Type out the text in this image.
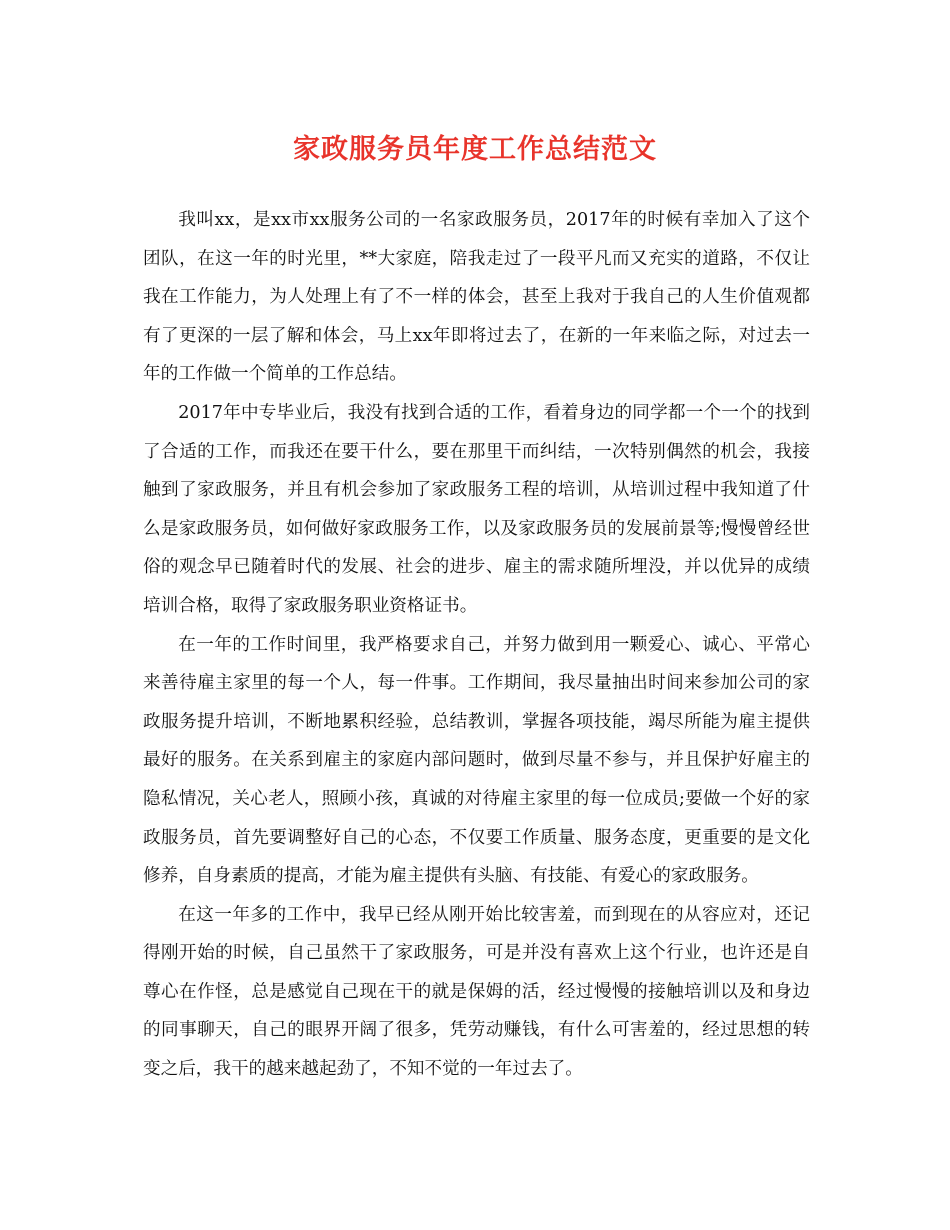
家政服务员年度工作总结范文

我叫xx，是xx市xx服务公司的一名家政服务员，2017年的时候有幸加入了这个团队，在这一年的时光里，**大家庭，陪我走过了一段平凡而又充实的道路，不仅让我在工作能力，为人处理上有了不一样的体会，甚至上我对于我自己的人生价值观都有了更深的一层了解和体会，马上xx年即将过去了，在新的一年来临之际，对过去一年的工作做一个简单的工作总结。

2017年中专毕业后，我没有找到合适的工作，看着身边的同学都一个一个的找到了合适的工作，而我还在要干什么，要在那里干而纠结，一次特别偶然的机会，我接触到了家政服务，并且有机会参加了家政服务工程的培训，从培训过程中我知道了什么是家政服务员，如何做好家政服务工作，以及家政服务员的发展前景等;慢慢曾经世俗的观念早已随着时代的发展、社会的进步、雇主的需求随所埋没，并以优异的成绩培训合格，取得了家政服务职业资格证书。

在一年的工作时间里，我严格要求自己，并努力做到用一颗爱心、诚心、平常心来善待雇主家里的每一个人，每一件事。工作期间，我尽量抽出时间来参加公司的家政服务提升培训，不断地累积经验，总结教训，掌握各项技能，竭尽所能为雇主提供最好的服务。在关系到雇主的家庭内部问题时，做到尽量不参与，并且保护好雇主的隐私情况，关心老人，照顾小孩，真诚的对待雇主家里的每一位成员;要做一个好的家政服务员，首先要调整好自己的心态，不仅要工作质量、服务态度，更重要的是文化修养，自身素质的提高，才能为雇主提供有头脑、有技能、有爱心的家政服务。

在这一年多的工作中，我早已经从刚开始比较害羞，而到现在的从容应对，还记得刚开始的时候，自己虽然干了家政服务，可是并没有喜欢上这个行业，也许还是自尊心在作怪，总是感觉自己现在干的就是保姆的活，经过慢慢的接触培训以及和身边的同事聊天，自己的眼界开阔了很多，凭劳动赚钱，有什么可害羞的，经过思想的转变之后，我干的越来越起劲了，不知不觉的一年过去了。
